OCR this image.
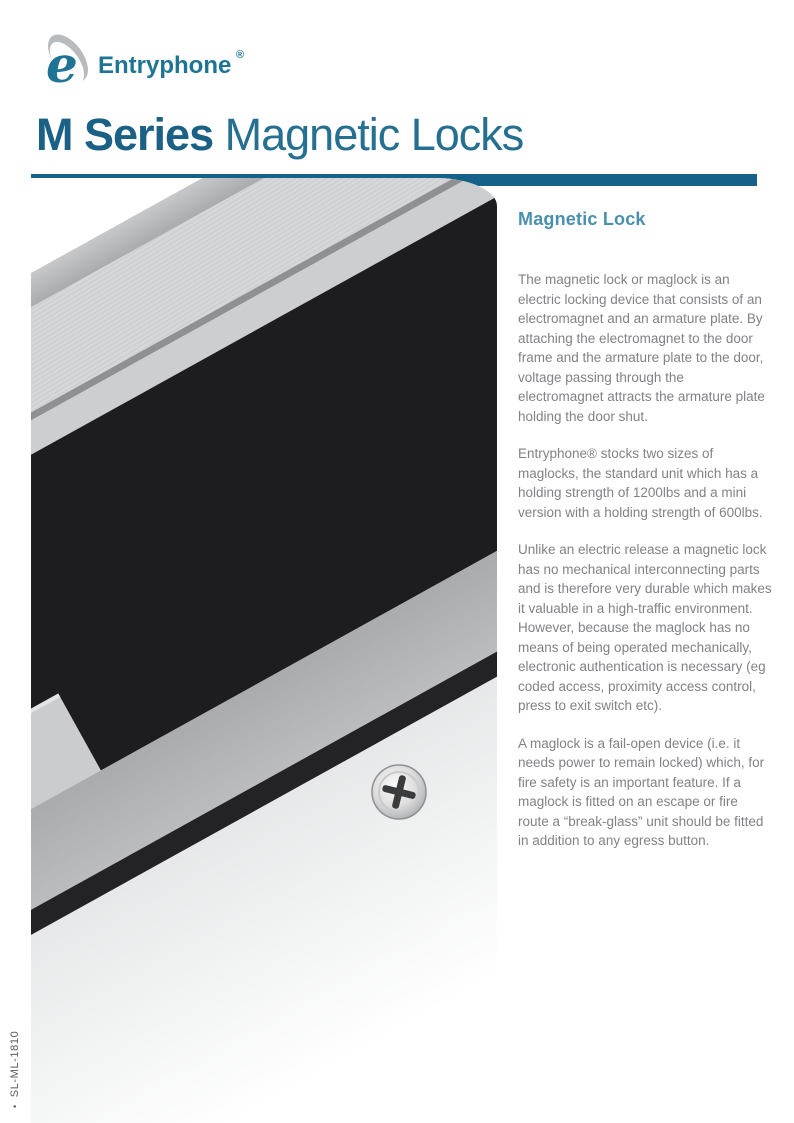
e Entryphone ®
M Series Magnetic Locks
Magnetic Lock

The magnetic lock or maglock is an electric locking device that consists of an electromagnet and an armature plate. By attaching the electromagnet to the door frame and the armature plate to the door, voltage passing through the electromagnet attracts the armature plate holding the door shut.

Entryphone® stocks two sizes of maglocks, the standard unit which has a holding strength of 1200lbs and a mini version with a holding strength of 600lbs.

Unlike an electric release a magnetic lock has no mechanical interconnecting parts and is therefore very durable which makes it valuable in a high-traffic environment. However, because the maglock has no means of being operated mechanically, electronic authentication is necessary (eg coded access, proximity access control, press to exit switch etc).

A maglock is a fail-open device (i.e. it needs power to remain locked) which, for fire safety is an important feature. If a maglock is fitted on an escape or fire route a “break-glass” unit should be fitted in addition to any egress button.

•SL-ML-1810
